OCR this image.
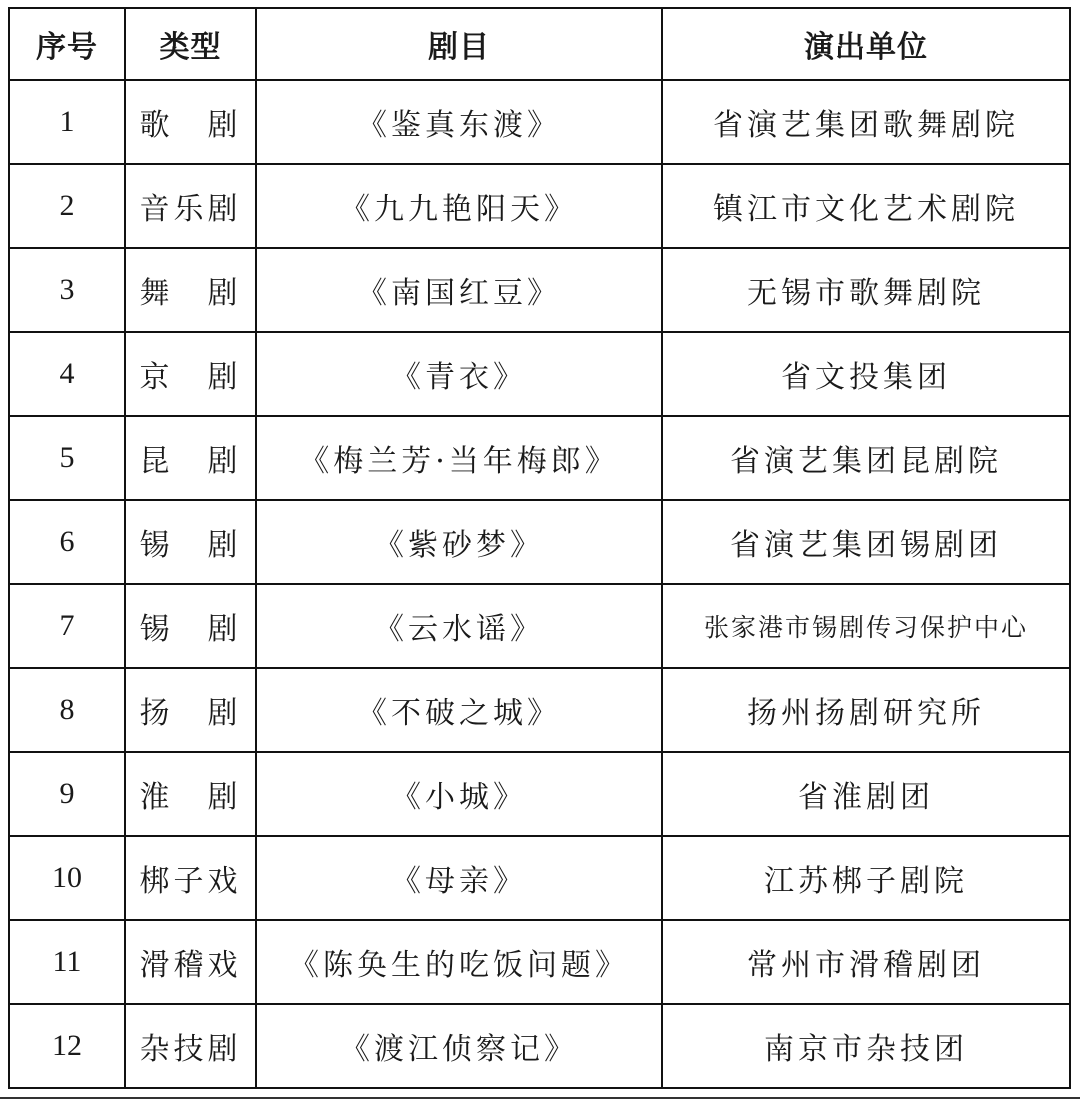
序号	类型	剧目	演出单位
1	歌　剧	《鉴真东渡》	省演艺集团歌舞剧院
2	音乐剧	《九九艳阳天》	镇江市文化艺术剧院
3	舞　剧	《南国红豆》	无锡市歌舞剧院
4	京　剧	《青衣》	省文投集团
5	昆　剧	《梅兰芳·当年梅郎》	省演艺集团昆剧院
6	锡　剧	《紫砂梦》	省演艺集团锡剧团
7	锡　剧	《云水谣》	张家港市锡剧传习保护中心
8	扬　剧	《不破之城》	扬州扬剧研究所
9	淮　剧	《小城》	省淮剧团
10	梆子戏	《母亲》	江苏梆子剧院
11	滑稽戏	《陈奂生的吃饭问题》	常州市滑稽剧团
12	杂技剧	《渡江侦察记》	南京市杂技团
